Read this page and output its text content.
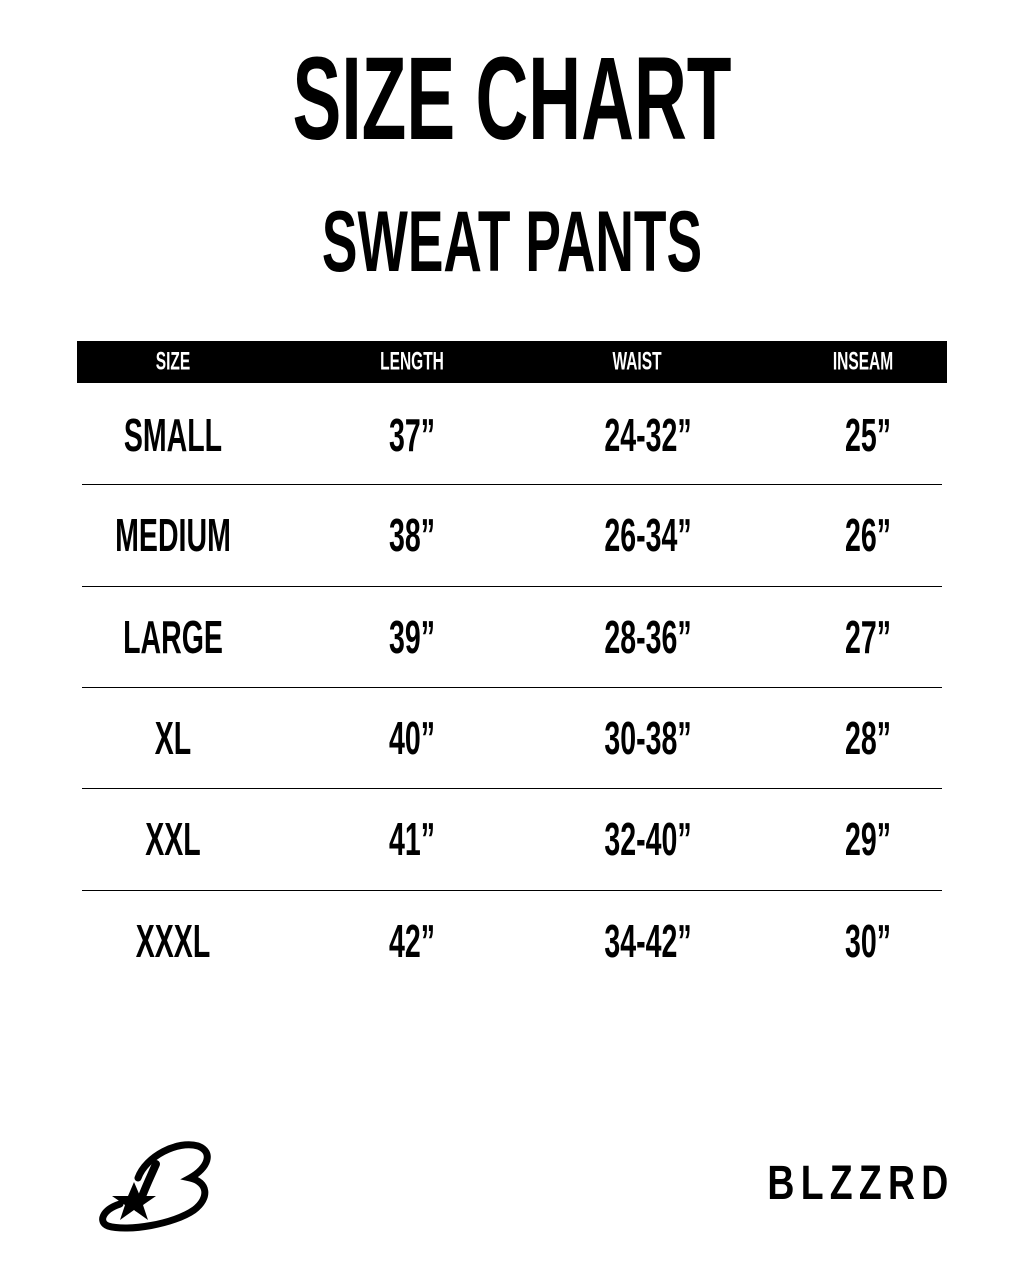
SIZE CHART
SWEAT PANTS
SIZE	LENGTH	WAIST	INSEAM
SMALL	37”	24-32”	25”
MEDIUM	38”	26-34”	26”
LARGE	39”	28-36”	27”
XL	40”	30-38”	28”
XXL	41”	32-40”	29”
XXXL	42”	34-42”	30”
BLZZRD
